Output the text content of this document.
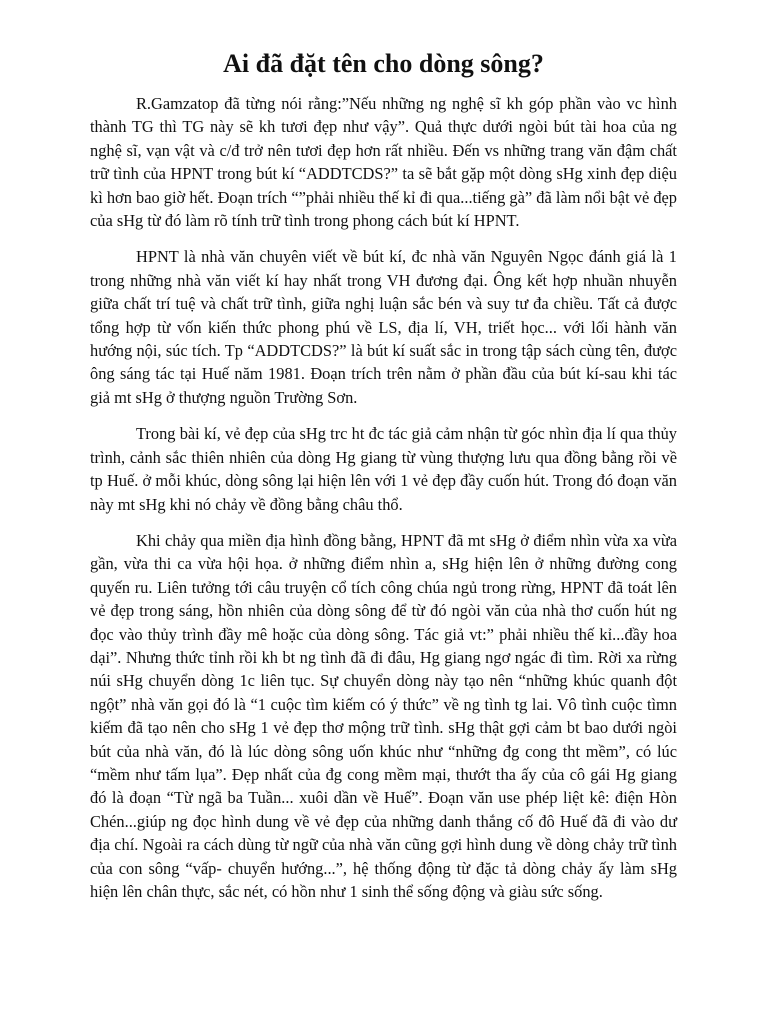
Ai đã đặt tên cho dòng sông?

R.Gamzatop đã từng nói rằng:”Nếu những ng nghệ sĩ kh góp phần vào vc hình thành TG thì TG này sẽ kh tươi đẹp như vậy”. Quả thực dưới ngòi bút tài hoa của ng nghệ sĩ, vạn vật và c/đ trở nên tươi đẹp hơn rất nhiều. Đến vs những trang văn đậm chất trữ tình của HPNT trong bút kí “ADDTCDS?” ta sẽ bắt gặp một dòng sHg xinh đẹp diệu kì hơn bao giờ hết. Đoạn trích “”phải nhiều thế kỉ đi qua...tiếng gà” đã làm nổi bật vẻ đẹp của sHg từ đó làm rõ tính trữ tình trong phong cách bút kí HPNT.

HPNT là nhà văn chuyên viết về bút kí, đc nhà văn Nguyên Ngọc đánh giá là 1 trong những nhà văn viết kí hay nhất trong VH đương đại. Ông kết hợp nhuần nhuyễn giữa chất trí tuệ và chất trữ tình, giữa nghị luận sắc bén và suy tư đa chiều. Tất cả được tổng hợp từ vốn kiến thức phong phú về LS, địa lí, VH, triết học... với lối hành văn hướng nội, súc tích. Tp “ADDTCDS?” là bút kí suất sắc in trong tập sách cùng tên, được ông sáng tác tại Huế năm 1981. Đoạn trích trên nằm ở phần đầu của bút kí-sau khi tác giả mt sHg ở thượng nguồn Trường Sơn.

Trong bài kí, vẻ đẹp của sHg trc ht đc tác giả cảm nhận từ góc nhìn địa lí qua thủy trình, cảnh sắc thiên nhiên của dòng Hg giang từ vùng thượng lưu qua đồng bằng rồi về tp Huế. ở mỗi khúc, dòng sông lại hiện lên với 1 vẻ đẹp đầy cuốn hút. Trong đó đoạn văn này mt sHg khi nó chảy về đồng bằng châu thổ.

Khi chảy qua miền địa hình đồng bằng, HPNT đã mt sHg ở điểm nhìn vừa xa vừa gần, vừa thi ca vừa hội họa. ở những điểm nhìn a, sHg hiện lên ở những đường cong quyến ru. Liên tưởng tới câu truyện cổ tích công chúa ngủ trong rừng, HPNT đã toát lên vẻ đẹp trong sáng, hồn nhiên của dòng sông để từ đó ngòi văn của nhà thơ cuốn hút ng đọc vào thủy trình đầy mê hoặc của dòng sông. Tác giả vt:” phải nhiều thế kỉ...đầy hoa dại”. Nhưng thức tỉnh rồi kh bt ng tình đã đi đâu, Hg giang ngơ ngác đi tìm. Rời xa rừng núi sHg chuyển dòng 1c liên tục. Sự chuyển dòng này tạo nên “những khúc quanh đột ngột” nhà văn gọi đó là “1 cuộc tìm kiếm có ý thức” về ng tình tg lai. Vô tình cuộc tìmn kiếm đã tạo nên cho sHg 1 vẻ đẹp thơ mộng trữ tình. sHg thật gợi cảm bt bao dưới ngòi bút của nhà văn, đó là lúc dòng sông uốn khúc như “những đg cong tht mềm”, có lúc “mềm như tấm lụa”. Đẹp nhất của đg cong mềm mại, thướt tha ấy của cô gái Hg giang đó là đoạn “Từ ngã ba Tuần... xuôi dần về Huế”. Đoạn văn use phép liệt kê: điện Hòn Chén...giúp ng đọc hình dung về vẻ đẹp của những danh thắng cố đô Huế đã đi vào dư địa chí. Ngoài ra cách dùng từ ngữ của nhà văn cũng gợi hình dung về dòng chảy trữ tình của con sông “vấp- chuyển hướng...”, hệ thống động từ đặc tả dòng chảy ấy làm sHg hiện lên chân thực, sắc nét, có hồn như 1 sinh thể sống động và giàu sức sống.
